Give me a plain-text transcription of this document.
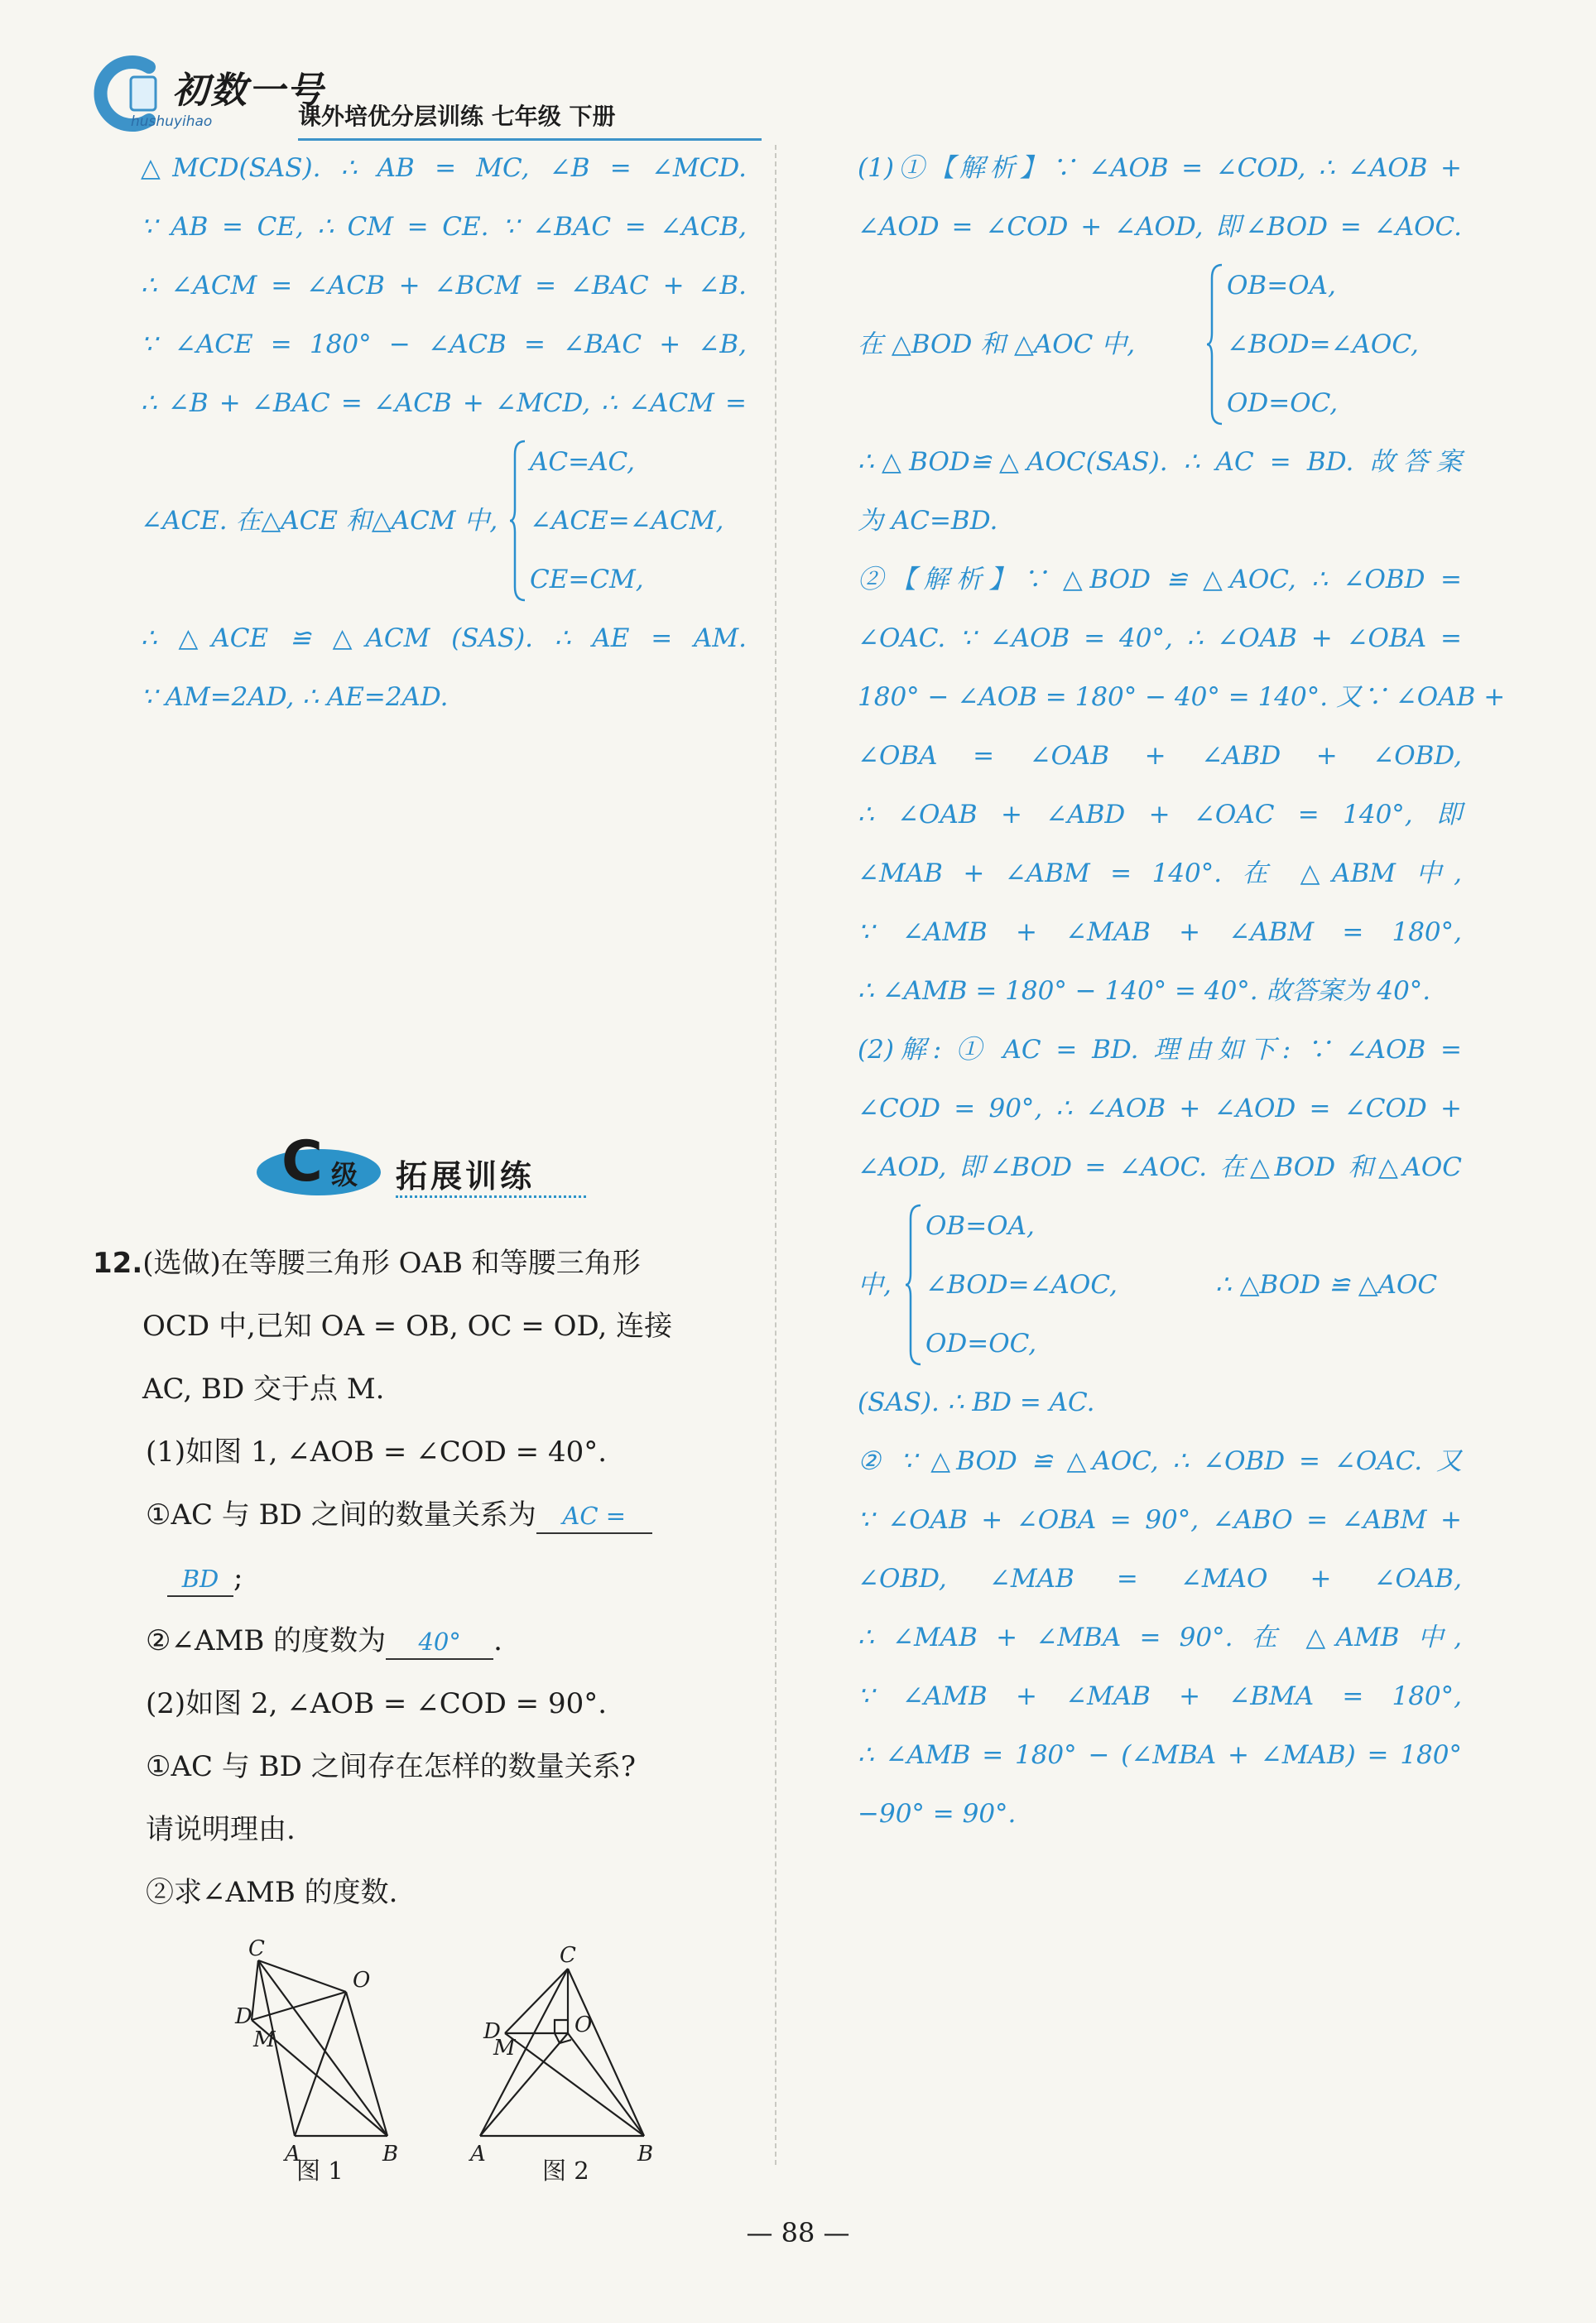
初数一号
hushuyihao	课外培优分层训练 七年级 下册
△MCD(SAS). ∴ AB = MC, ∠B = ∠MCD.
∵ AB = CE, ∴ CM = CE. ∵ ∠BAC = ∠ACB,
∴ ∠ACM = ∠ACB + ∠BCM = ∠BAC + ∠B.
∵ ∠ACE = 180° − ∠ACB = ∠BAC + ∠B,
∴ ∠B + ∠BAC = ∠ACB + ∠MCD, ∴ ∠ACM =
∠ACE. 在△ACE 和△ACM 中,
AC=AC,
∠ACE=∠ACM,
CE=CM,
∴ △ACE ≌ △ACM (SAS). ∴ AE = AM.
∵ AM=2AD, ∴ AE=2AD.
C 级 拓展训练
12.(选做)在等腰三角形 OAB 和等腰三角形
OCD 中,已知 OA = OB, OC = OD, 连接
AC, BD 交于点 M.
(1)如图 1, ∠AOB = ∠COD = 40°.
①AC 与 BD 之间的数量关系为 AC =
BD ;
②∠AMB 的度数为 40° .
(2)如图 2, ∠AOB = ∠COD = 90°.
①AC 与 BD 之间存在怎样的数量关系?
请说明理由.
②求∠AMB 的度数.
C
O
D
M
A	B
图 1
C
O
D
M
A	B
图 2
(1)①【解析】∵ ∠AOB = ∠COD, ∴ ∠AOB +
∠AOD = ∠COD + ∠AOD, 即∠BOD = ∠AOC.
在 △BOD 和 △AOC 中,
OB=OA,
∠BOD=∠AOC,
OD=OC,
∴△BOD≌△AOC(SAS). ∴ AC = BD. 故答案
为 AC=BD.
②【解析】∵ △BOD ≌ △AOC, ∴ ∠OBD =
∠OAC. ∵ ∠AOB = 40°, ∴ ∠OAB + ∠OBA =
180° − ∠AOB = 180° − 40° = 140°. 又∵ ∠OAB +
∠OBA = ∠OAB + ∠ABD + ∠OBD,
∴ ∠OAB + ∠ABD + ∠OAC = 140°, 即
∠MAB + ∠ABM = 140°. 在 △ABM 中,
∵ ∠AMB + ∠MAB + ∠ABM = 180°,
∴ ∠AMB = 180° − 140° = 40°. 故答案为 40°.
(2)解: ① AC = BD. 理由如下: ∵ ∠AOB =
∠COD = 90°, ∴ ∠AOB + ∠AOD = ∠COD +
∠AOD, 即∠BOD = ∠AOC. 在△BOD 和△AOC
中,
OB=OA,
∠BOD=∠AOC,
OD=OC,
∴ △BOD ≌ △AOC
(SAS). ∴ BD = AC.
② ∵ △BOD ≌ △AOC, ∴ ∠OBD = ∠OAC. 又
∵ ∠OAB + ∠OBA = 90°, ∠ABO = ∠ABM +
∠OBD, ∠MAB = ∠MAO + ∠OAB,
∴ ∠MAB + ∠MBA = 90°. 在 △AMB 中,
∵ ∠AMB + ∠MAB + ∠BMA = 180°,
∴ ∠AMB = 180° − (∠MBA + ∠MAB) = 180°
−90° = 90°.
— 88 —
